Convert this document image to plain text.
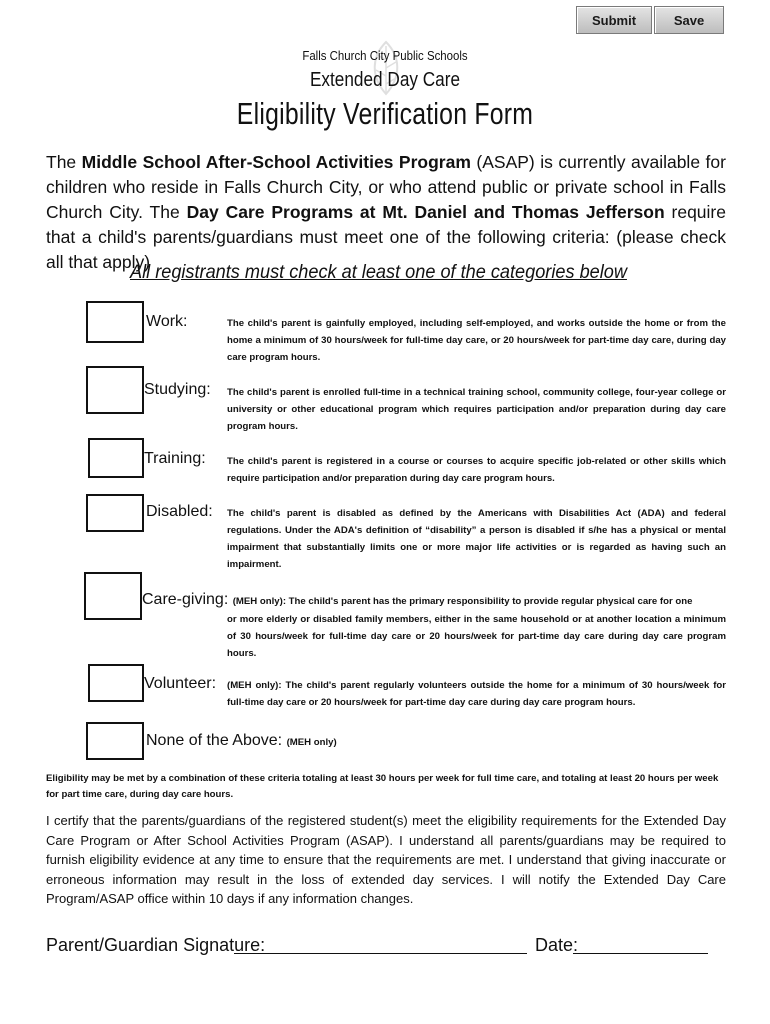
Submit	Save
Falls Church City Public Schools
Extended Day Care
Eligibility Verification Form
The Middle School After-School Activities Program (ASAP) is currently available for children who reside in Falls Church City, or who attend public or private school in Falls Church City. The Day Care Programs at Mt. Daniel and Thomas Jefferson require that a child's parents/guardians must meet one of the following criteria: (please check all that apply)
All registrants must check at least one of the categories below
Work:	The child's parent is gainfully employed, including self-employed, and works outside the home or from the home a minimum of 30 hours/week for full-time day care, or 20 hours/week for part-time day care, during day care program hours.
Studying: The child's parent is enrolled full-time in a technical training school, community college, four-year college or university or other educational program which requires participation and/or preparation during day care program hours.
Training: The child's parent is registered in a course or courses to acquire specific job-related or other skills which require participation and/or preparation during day care program hours.
Disabled: The child's parent is disabled as defined by the Americans with Disabilities Act (ADA) and federal regulations. Under the ADA's definition of “disability” a person is disabled if s/he has a physical or mental impairment that substantially limits one or more major life activities or is regarded as having such an impairment.
Care-giving: (MEH only): The child's parent has the primary responsibility to provide regular physical care for one
or more elderly or disabled family members, either in the same household or at another location a minimum of 30 hours/week for full-time day care or 20 hours/week for part-time day care during day care program hours.
Volunteer: (MEH only): The child's parent regularly volunteers outside the home for a minimum of 30 hours/week for full-time day care or 20 hours/week for part-time day care during day care program hours.
None of the Above: (MEH only)
Eligibility may be met by a combination of these criteria totaling at least 30 hours per week for full time care, and totaling at least 20 hours per week for part time care, during day care hours.
I certify that the parents/guardians of the registered student(s) meet the eligibility requirements for the Extended Day Care Program or After School Activities Program (ASAP). I understand all parents/guardians may be required to furnish eligibility evidence at any time to ensure that the requirements are met. I understand that giving inaccurate or erroneous information may result in the loss of extended day services. I will notify the Extended Day Care Program/ASAP office within 10 days if any information changes.
Parent/Guardian Signature:	Date:
